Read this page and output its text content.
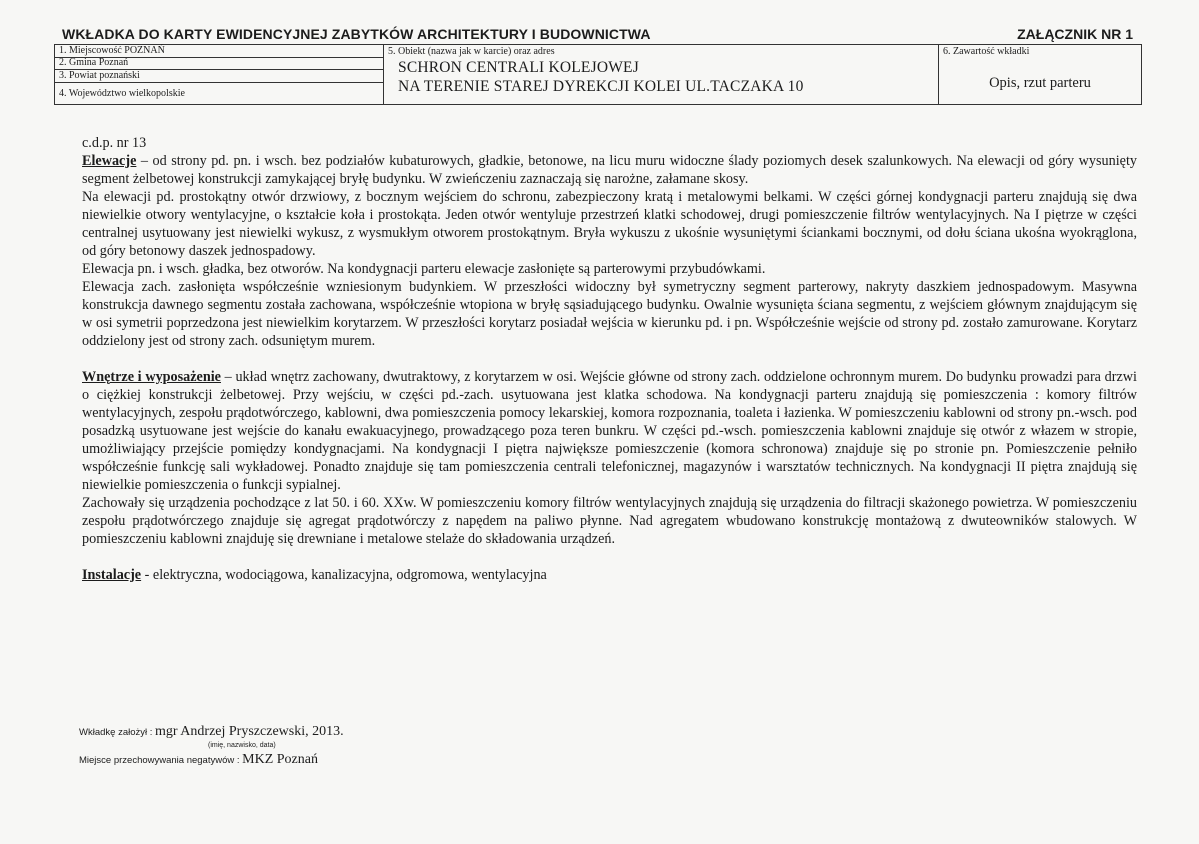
WKŁADKA DO KARTY EWIDENCYJNEJ ZABYTKÓW ARCHITEKTURY I BUDOWNICTWA	ZAŁĄCZNIK NR 1
1. Miejscowość POZNAŃ
2. Gmina Poznań
3. Powiat poznański
4. Województwo wielkopolskie
5. Obiekt (nazwa jak w karcie) oraz adres
SCHRON CENTRALI KOLEJOWEJ
NA TERENIE STAREJ DYREKCJI KOLEI UL.TACZAKA 10
6. Zawartość wkładki
Opis, rzut parteru

c.d.p. nr 13

Elewacje – od strony pd. pn. i wsch. bez podziałów kubaturowych, gładkie, betonowe, na licu muru widoczne ślady poziomych desek szalunkowych. Na elewacji od góry wysunięty segment żelbetowej konstrukcji zamykającej bryłę budynku. W zwieńczeniu zaznaczają się narożne, załamane skosy.

Na elewacji pd. prostokątny otwór drzwiowy, z bocznym wejściem do schronu, zabezpieczony kratą i metalowymi belkami. W części górnej kondygnacji parteru znajdują się dwa niewielkie otwory wentylacyjne, o kształcie koła i prostokąta. Jeden otwór wentyluje przestrzeń klatki schodowej, drugi pomieszczenie filtrów wentylacyjnych. Na I piętrze w części centralnej usytuowany jest niewielki wykusz, z wysmukłym otworem prostokątnym. Bryła wykuszu z ukośnie wysuniętymi ściankami bocznymi, od dołu ściana ukośna wyokrąglona, od góry betonowy daszek jednospadowy.

Elewacja pn. i wsch. gładka, bez otworów. Na kondygnacji parteru elewacje zasłonięte są parterowymi przybudówkami.

Elewacja zach. zasłonięta współcześnie wzniesionym budynkiem. W przeszłości widoczny był symetryczny segment parterowy, nakryty daszkiem jednospadowym. Masywna konstrukcja dawnego segmentu została zachowana, współcześnie wtopiona w bryłę sąsiadującego budynku. Owalnie wysunięta ściana segmentu, z wejściem głównym znajdującym się w osi symetrii poprzedzona jest niewielkim korytarzem. W przeszłości korytarz posiadał wejścia w kierunku pd. i pn. Współcześnie wejście od strony pd. zostało zamurowane. Korytarz oddzielony jest od strony zach. odsuniętym murem.

Wnętrze i wyposażenie – układ wnętrz zachowany, dwutraktowy, z korytarzem w osi. Wejście główne od strony zach. oddzielone ochronnym murem. Do budynku prowadzi para drzwi o ciężkiej konstrukcji żelbetowej. Przy wejściu, w części pd.-zach. usytuowana jest klatka schodowa. Na kondygnacji parteru znajdują się pomieszczenia : komory filtrów wentylacyjnych, zespołu prądotwórczego, kablowni, dwa pomieszczenia pomocy lekarskiej, komora rozpoznania, toaleta i łazienka. W pomieszczeniu kablowni od strony pn.-wsch. pod posadzką usytuowane jest wejście do kanału ewakuacyjnego, prowadzącego poza teren bunkru. W części pd.-wsch. pomieszczenia kablowni znajduje się otwór z włazem w stropie, umożliwiający przejście pomiędzy kondygnacjami. Na kondygnacji I piętra największe pomieszczenie (komora schronowa) znajduje się po stronie pn. Pomieszczenie pełniło współcześnie funkcję sali wykładowej. Ponadto znajduje się tam pomieszczenia centrali telefonicznej, magazynów i warsztatów technicznych. Na kondygnacji II piętra znajdują się niewielkie pomieszczenia o funkcji sypialnej.

Zachowały się urządzenia pochodzące z lat 50. i 60. XXw. W pomieszczeniu komory filtrów wentylacyjnych znajdują się urządzenia do filtracji skażonego powietrza. W pomieszczeniu zespołu prądotwórczego znajduje się agregat prądotwórczy z napędem na paliwo płynne. Nad agregatem wbudowano konstrukcję montażową z dwuteowników stalowych. W pomieszczeniu kablowni znajduję się drewniane i metalowe stelaże do składowania urządzeń.

Instalacje - elektryczna, wodociągowa, kanalizacyjna, odgromowa, wentylacyjna

Wkładkę założył : mgr Andrzej Pryszczewski, 2013.
(imię, nazwisko, data)
Miejsce przechowywania negatywów : MKZ Poznań
